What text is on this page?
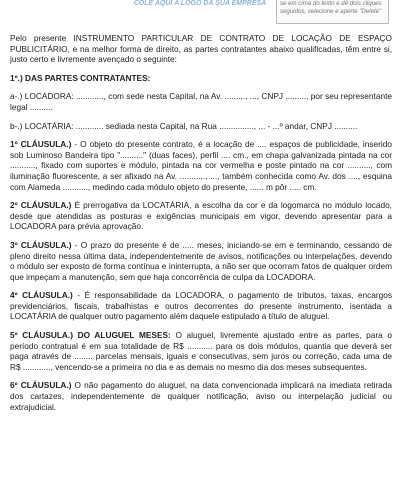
COLE AQUI A LOGO DA SUA EMPRESA	se em cima do texto e dê dois cliques seguidos, selecione e aperte "Delete"

Pelo presente INSTRUMENTO PARTICULAR DE CONTRATO DE LOCAÇÃO DE ESPAÇO PUBLICITÁRIO, e na melhor forma de direito, as partes contratantes abaixo qualificadas, têm entre si, justo certo e livremente avençado o seguinte:

1º.) DAS PARTES CONTRATANTES:

a-.) LOCADORA: ............, com sede nesta Capital, na Av. ........., ..., CNPJ ........., por seu representante legal ..........

b-.) LOCATÁRIA: ............ sediada nesta Capital, na Rua ..............., ... - ...º andar, CNPJ ..........

1º CLÁUSULA.) - O objeto do presente contrato, é a locação de .... espaços de publicidade, inserido sob Luminoso Bandeira tipo ".........." (duas faces), perfil .... cm., em chapa galvanizada pintada na cor ..........., fixado com suportes e módulo, pintada na cor vermelha e poste pintado na cor .........., com iluminação fluorescente, a ser afixado na Av. ..........., ..., também conhecida como Av. dos ...., esquina com Alameda ..........., medindo cada módulo objeto do presente, ...... m pôr ..... cm.

2º CLÁUSULA.) É prerrogativa da LOCATÁRIA, a escolha da cor e da logomarca no módulo locado, desde que atendidas as posturas e exigências municipais em vigor, devendo apresentar para a LOCADORA para prévia aprovação.

3º CLÁUSULA.) - O prazo do presente é de ..... meses, iniciando-se em e terminando, cessando de pleno direito nessa última data, independentemente de avisos, notificações ou interpelações, devendo o módulo ser exposto de forma contínua e ininterrupta, a não ser que ocorram fatos de qualquer ordem que impeçam a manutenção, sem que haja concorrência de culpa da LOCADORA.

4º CLÁUSULA.) - É responsabilidade da LOCADORA, o pagamento de tributos, taxas, encargos previdenciários, fiscais, trabalhistas e outros decorrentes do presente instrumento, isentada a LOCATÁRIA de qualquer outro pagamento além daquele estipulado a título de aluguel.

5º CLÁUSULA.) DO ALUGUEL MESES: O aluguel, livremente ajustado entre as partes, para o período contratual é em sua totalidade de R$ ........... para os dois módulos, quantia que deverá ser paga através de ........ parcelas mensais, iguais e consecutivas, sem juros ou correção, cada uma de R$ ............, vencendo-se a primeira no dia e as demais no mesmo dia dos meses subsequentes.

6º CLÁUSULA.) O não pagamento do aluguel, na data convencionada implicará na imediata retirada dos cartazes, independentemente de qualquer notificação, aviso ou interpelação judicial ou extrajudicial.
